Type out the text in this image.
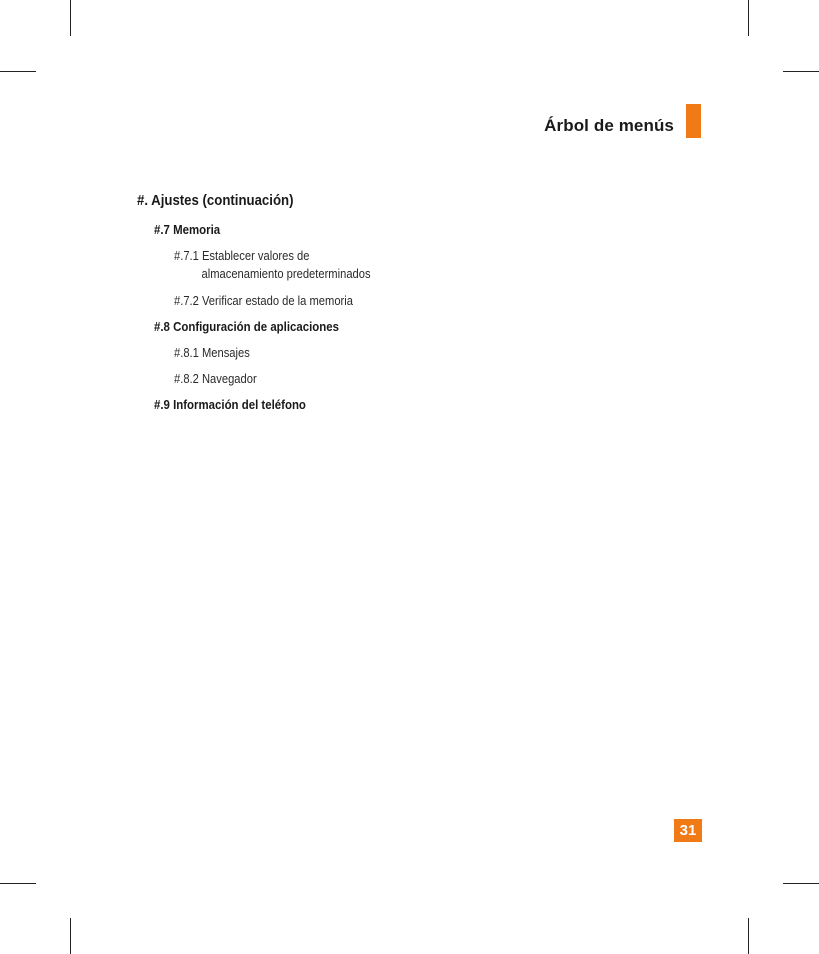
Árbol de menús
#. Ajustes (continuación)
#.7 Memoria
#.7.1 Establecer valores de
almacenamiento predeterminados
#.7.2 Verificar estado de la memoria
#.8 Configuración de aplicaciones
#.8.1 Mensajes
#.8.2 Navegador
#.9 Información del teléfono
31
